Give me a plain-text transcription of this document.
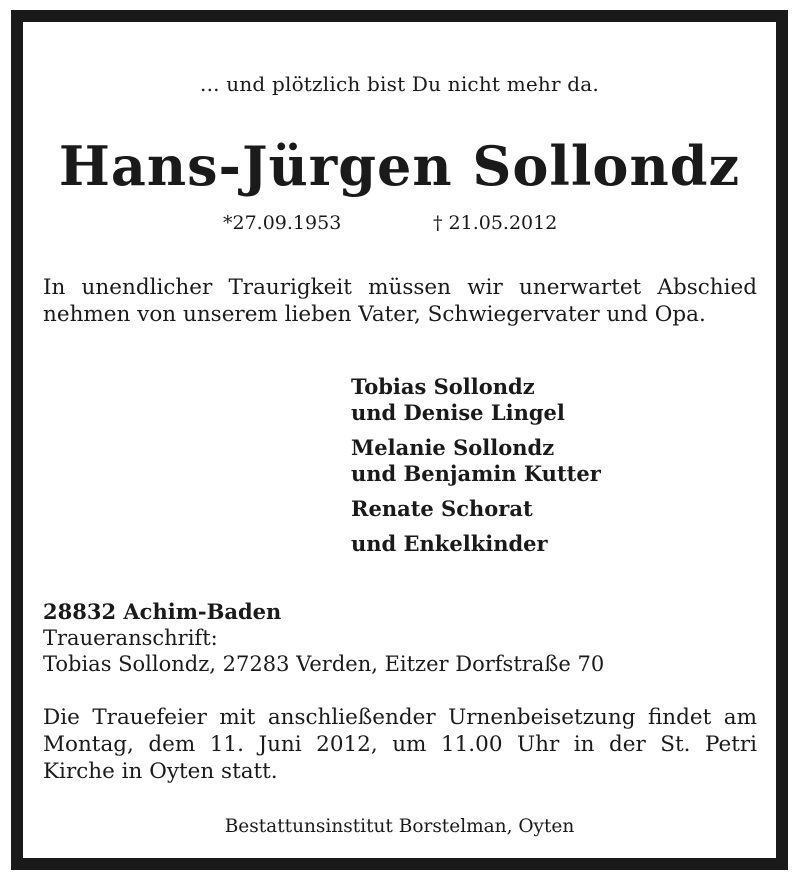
... und plötzlich bist Du nicht mehr da.
Hans-Jürgen Sollondz
*27.09.1953	† 21.05.2012
In unendlicher Traurigkeit müssen wir unerwartet Abschied
nehmen von unserem lieben Vater, Schwiegervater und Opa.
Tobias Sollondz
und Denise Lingel
Melanie Sollondz
und Benjamin Kutter
Renate Schorat
und Enkelkinder
28832 Achim-Baden
Traueranschrift:
Tobias Sollondz, 27283 Verden, Eitzer Dorfstraße 70
Die Trauefeier mit anschließender Urnenbeisetzung findet am
Montag, dem 11. Juni 2012, um 11.00 Uhr in der St. Petri
Kirche in Oyten statt.
Bestattunsinstitut Borstelman, Oyten
